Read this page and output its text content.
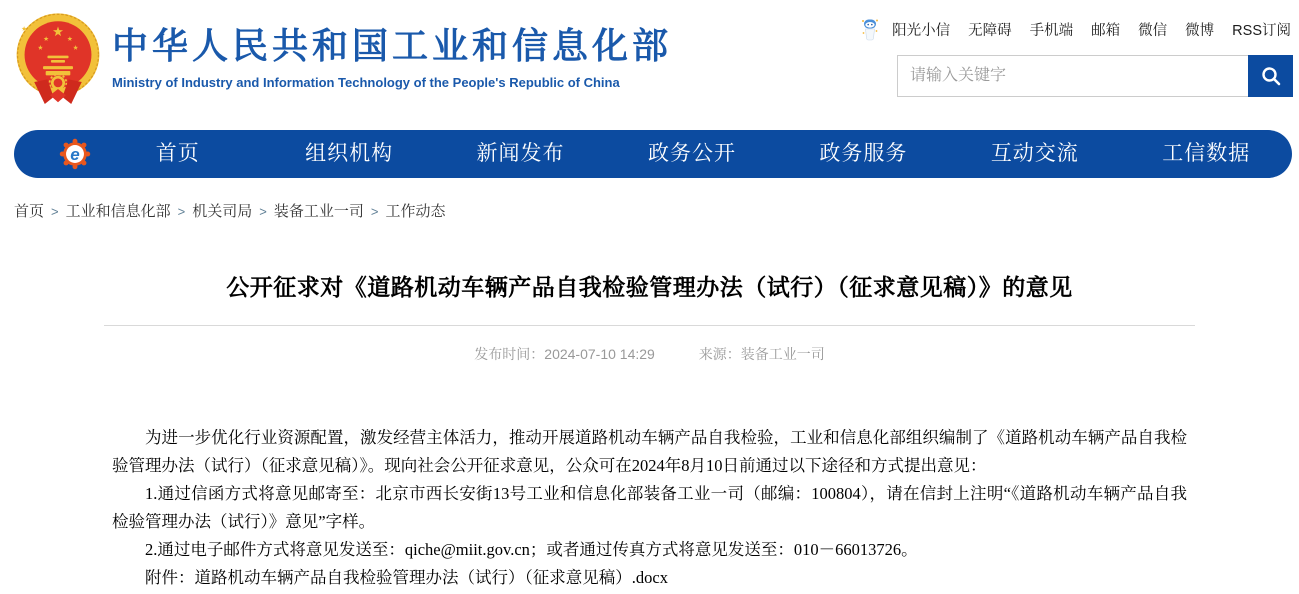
中华人民共和国工业和信息化部
Ministry of Industry and Information Technology of the People's Republic of China
阳光小信 无障碍 手机端 邮箱 微信 微博 RSS订阅
请输入关键字
e	首页	组织机构	新闻发布	政务公开	政务服务	互动交流	工信数据
首页 > 工业和信息化部 > 机关司局 > 装备工业一司 > 工作动态
公开征求对《道路机动车辆产品自我检验管理办法（试行）（征求意见稿）》的意见
发布时间：2024-07-10 14:29	来源：装备工业一司

为进一步优化行业资源配置，激发经营主体活力，推动开展道路机动车辆产品自我检验，工业和信息化部组织编制了《道路机动车辆产品自我检验管理办法（试行）（征求意见稿）》。现向社会公开征求意见，公众可在2024年8月10日前通过以下途径和方式提出意见：

1.通过信函方式将意见邮寄至：北京市西长安街13号工业和信息化部装备工业一司（邮编：100804），请在信封上注明“《道路机动车辆产品自我检验管理办法（试行）》意见”字样。

2.通过电子邮件方式将意见发送至：qiche@miit.gov.cn；或者通过传真方式将意见发送至：010－66013726。

附件：道路机动车辆产品自我检验管理办法（试行）（征求意见稿）.docx
